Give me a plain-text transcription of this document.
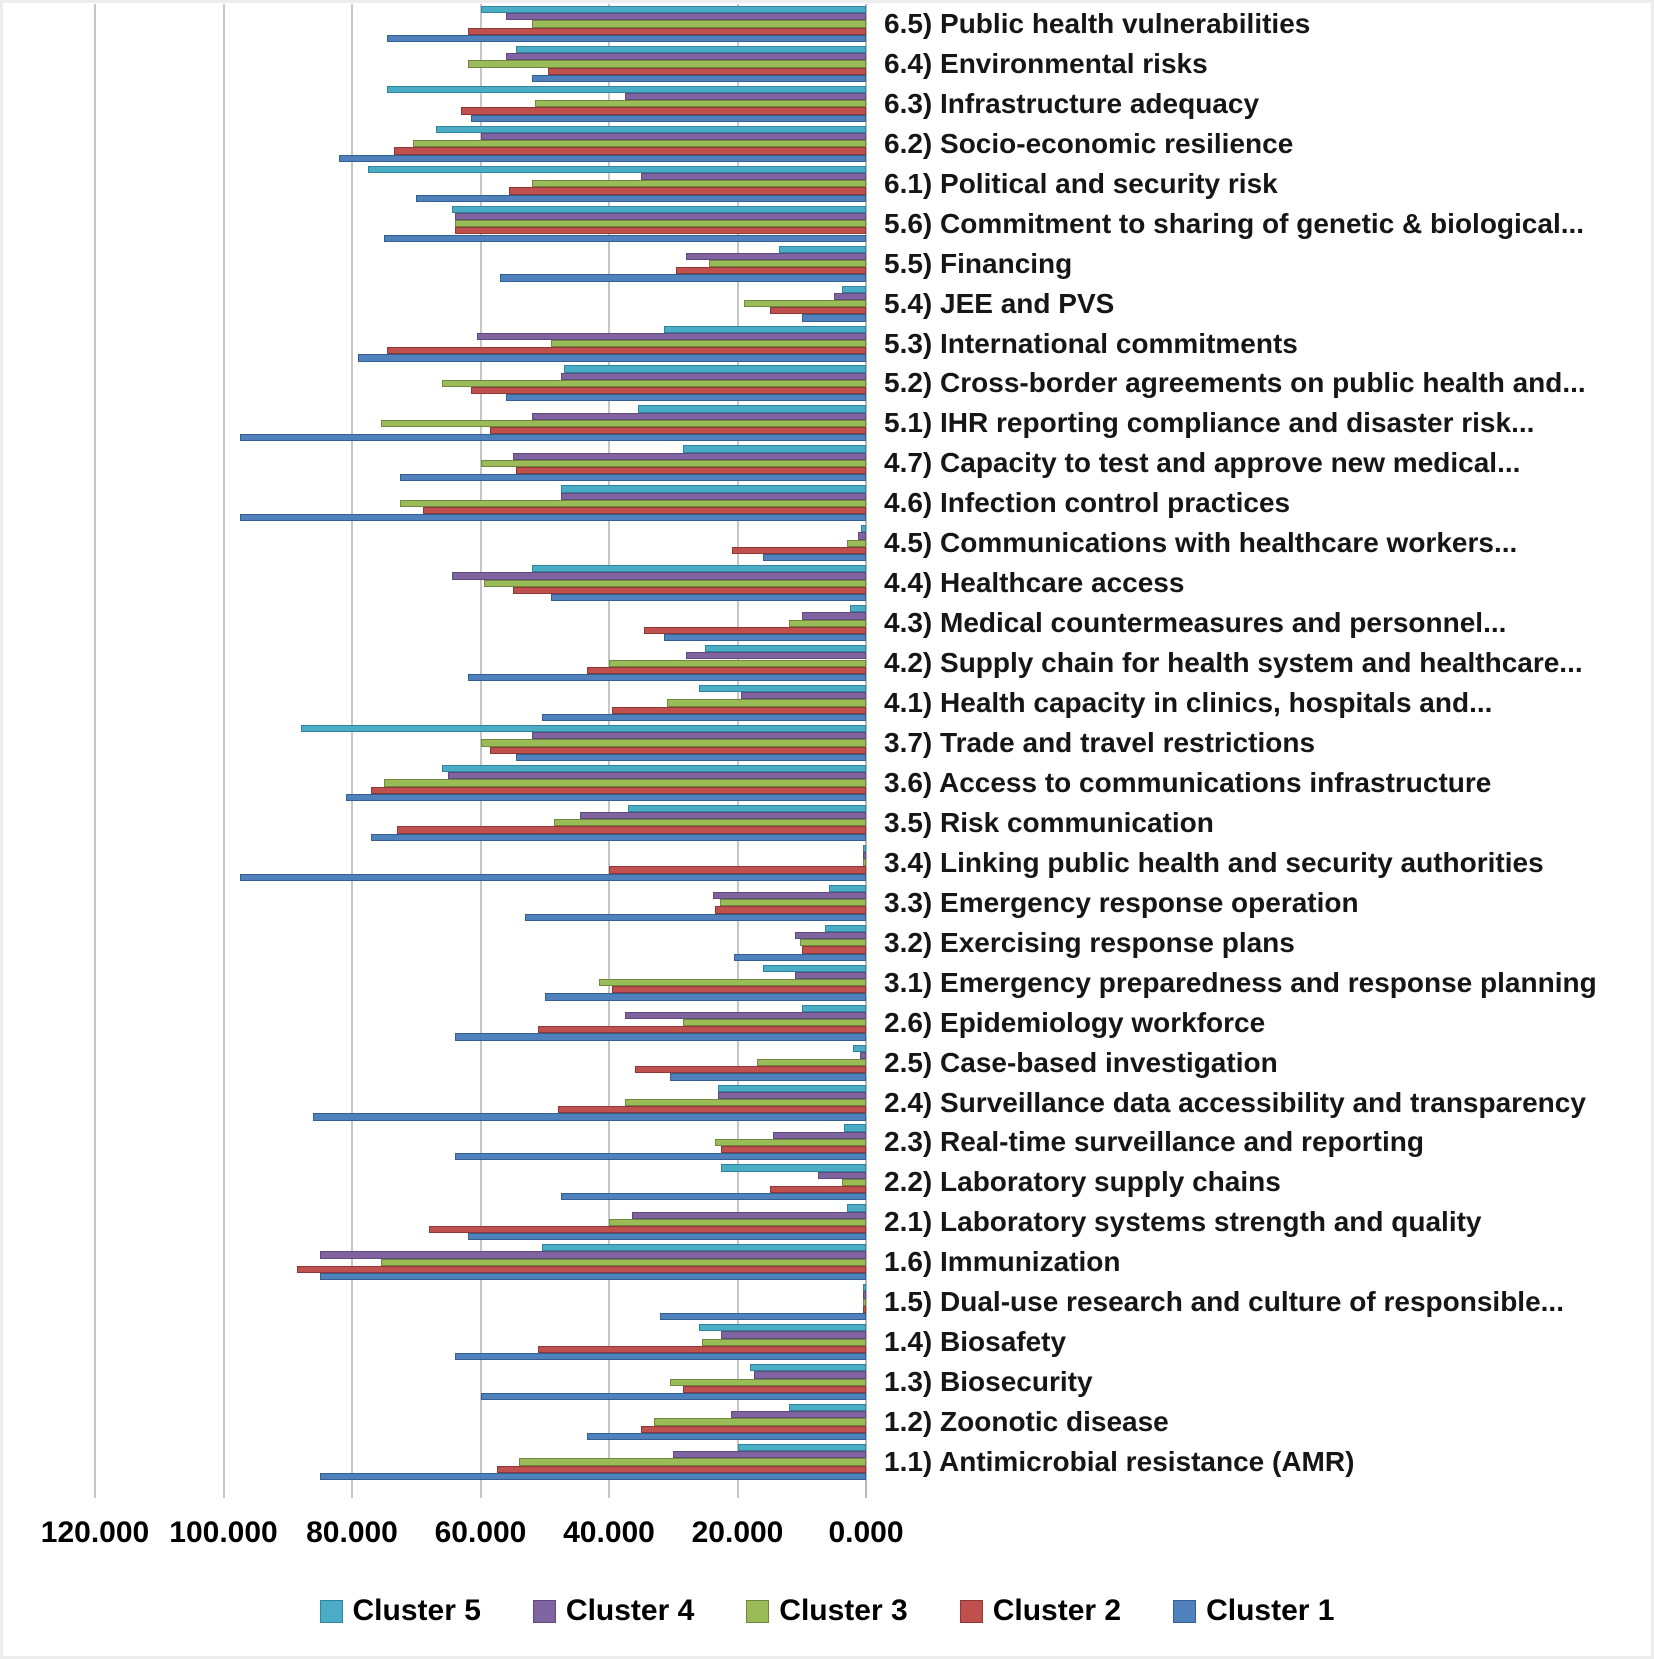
6.5) Public health vulnerabilities
6.4) Environmental risks
6.3) Infrastructure adequacy
6.2) Socio-economic resilience
6.1) Political and security risk
5.6) Commitment to sharing of genetic & biological...
5.5) Financing
5.4) JEE and PVS
5.3) International commitments
5.2) Cross-border agreements on public health and...
5.1) IHR reporting compliance and disaster risk...
4.7) Capacity to test and approve new medical...
4.6) Infection control practices
4.5) Communications with healthcare workers...
4.4) Healthcare access
4.3) Medical countermeasures and personnel...
4.2) Supply chain for health system and healthcare...
4.1) Health capacity in clinics, hospitals and...
3.7) Trade and travel restrictions
3.6) Access to communications infrastructure
3.5) Risk communication
3.4) Linking public health and security authorities
3.3) Emergency response operation
3.2) Exercising response plans
3.1) Emergency preparedness and response planning
2.6) Epidemiology workforce
2.5) Case-based investigation
2.4) Surveillance data accessibility and transparency
2.3) Real-time surveillance and reporting
2.2) Laboratory supply chains
2.1) Laboratory systems strength and quality
1.6) Immunization
1.5) Dual-use research and culture of responsible...
1.4) Biosafety
1.3) Biosecurity
1.2) Zoonotic disease
1.1) Antimicrobial resistance (AMR)
120.000 100.000 80.000	60.000	40.000	20.000	0.000
Cluster 5	Cluster 4	Cluster 3	Cluster 2	Cluster 1
